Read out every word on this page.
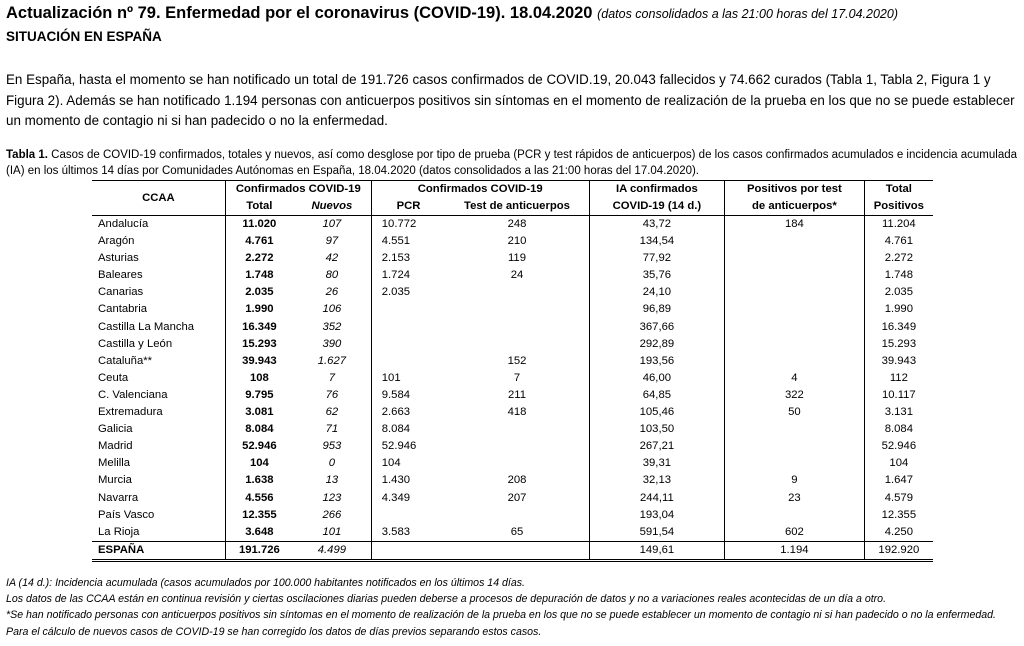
Actualización nº 79. Enfermedad por el coronavirus (COVID-19). 18.04.2020 (datos consolidados a las 21:00 horas del 17.04.2020)
SITUACIÓN EN ESPAÑA
En España, hasta el momento se han notificado un total de 191.726 casos confirmados de COVID.19, 20.043 fallecidos y 74.662 curados (Tabla 1, Tabla 2, Figura 1 y Figura 2). Además se han notificado 1.194 personas con anticuerpos positivos sin síntomas en el momento de realización de la prueba en los que no se puede establecer un momento de contagio ni si han padecido o no la enfermedad.
Tabla 1. Casos de COVID-19 confirmados, totales y nuevos, así como desglose por tipo de prueba (PCR y test rápidos de anticuerpos) de los casos confirmados acumulados e incidencia acumulada (IA) en los últimos 14 días por Comunidades Autónomas en España, 18.04.2020 (datos consolidados a las 21:00 horas del 17.04.2020).
CCAA	Confirmados COVID-19		Confirmados COVID-19		IA confirmados	Positivos por test	Total
	Total	Nuevos	PCR	Test de anticuerpos	COVID-19 (14 d.)	de anticuerpos*	Positivos
Andalucía	11.020	107	10.772	248	43,72	184	11.204
Aragón	4.761	97	4.551	210	134,54		4.761
Asturias	2.272	42	2.153	119	77,92		2.272
Baleares	1.748	80	1.724	24	35,76		1.748
Canarias	2.035	26	2.035		24,10		2.035
Cantabria	1.990	106			96,89		1.990
Castilla La Mancha	16.349	352			367,66		16.349
Castilla y León	15.293	390			292,89		15.293
Cataluña**	39.943	1.627		152	193,56		39.943
Ceuta	108	7	101	7	46,00	4	112
C. Valenciana	9.795	76	9.584	211	64,85	322	10.117
Extremadura	3.081	62	2.663	418	105,46	50	3.131
Galicia	8.084	71	8.084		103,50		8.084
Madrid	52.946	953	52.946		267,21		52.946
Melilla	104	0	104		39,31		104
Murcia	1.638	13	1.430	208	32,13	9	1.647
Navarra	4.556	123	4.349	207	244,11	23	4.579
País Vasco	12.355	266			193,04		12.355
La Rioja	3.648	101	3.583	65	591,54	602	4.250
ESPAÑA	191.726	4.499			149,61	1.194	192.920
IA (14 d.): Incidencia acumulada (casos acumulados por 100.000 habitantes notificados en los últimos 14 días.
Los datos de las CCAA están en continua revisión y ciertas oscilaciones diarias pueden deberse a procesos de depuración de datos y no a variaciones reales acontecidas de un día a otro.
*Se han notificado personas con anticuerpos positivos sin síntomas en el momento de realización de la prueba en los que no se puede establecer un momento de contagio ni si han padecido o no la enfermedad. Para el cálculo de nuevos casos de COVID-19 se han corregido los datos de días previos separando estos casos.
